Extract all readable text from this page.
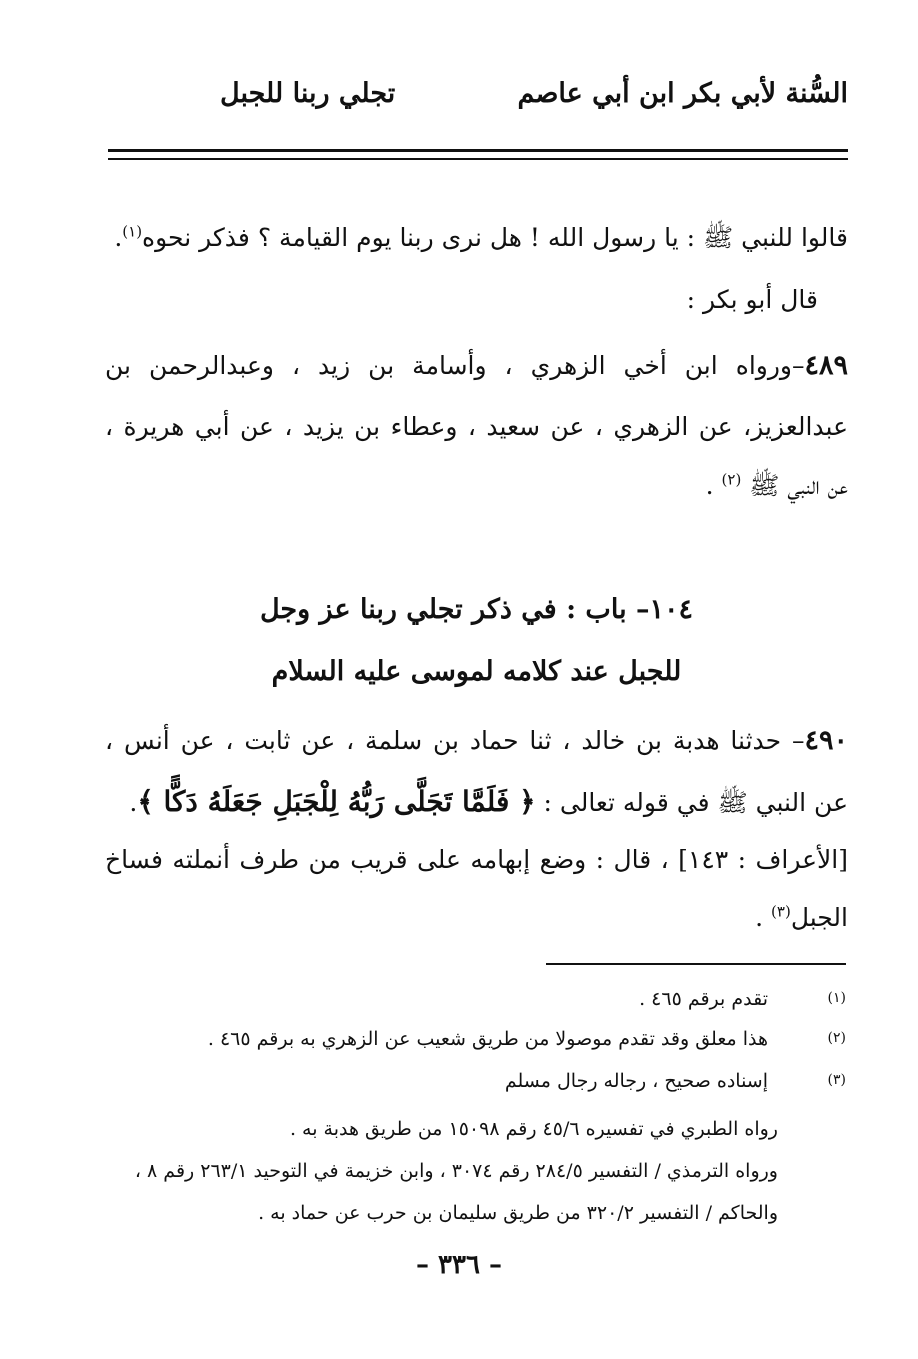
السُّنة لأبي بكر ابن أبي عاصم
تجلي ربنا للجبل
قالوا للنبي ﷺ : يا رسول الله ! هل نرى ربنا يوم القيامة ؟ فذكر نحوه$^{(١)}$.
قال أبو بكر :
٤٨٩–ورواه ابن أخي الزهري ، وأسامة بن زيد ، وعبدالرحمن بن
عبدالعزيز، عن الزهري ، عن سعيد ، وعطاء بن يزيد ، عن أبي هريرة ،
عن النبي ﷺ $^{(٢)}$ .
١٠٤– باب : في ذكر تجلي ربنا عز وجل
للجبل عند كلامه لموسى عليه السلام
٤٩٠– حدثنا هدبة بن خالد ، ثنا حماد بن سلمة ، عن ثابت ، عن أنس ،
عن النبي ﷺ في قوله تعالى : ﴿ فَلَمَّا تَجَلَّى رَبُّهُ لِلْجَبَلِ جَعَلَهُ دَكًّا ﴾.
[الأعراف : ١٤٣] ، قال : وضع إبهامه على قريب من طرف أنملته فساخ
الجبل$^{(٣)}$ .
(١)
تقدم برقم ٤٦٥ .
(٢)
هذا معلق وقد تقدم موصولا من طريق شعيب عن الزهري به برقم ٤٦٥ .
(٣)
إسناده صحيح ، رجاله رجال مسلم
رواه الطبري في تفسيره ٤٥/٦ رقم ١٥٠٩٨ من طريق هدبة به .
ورواه الترمذي / التفسير ٢٨٤/٥ رقم ٣٠٧٤ ، وابن خزيمة في التوحيد ٢٦٣/١ رقم ٨ ،
والحاكم / التفسير ٣٢٠/٢ من طريق سليمان بن حرب عن حماد به .
– ٣٣٦ –
